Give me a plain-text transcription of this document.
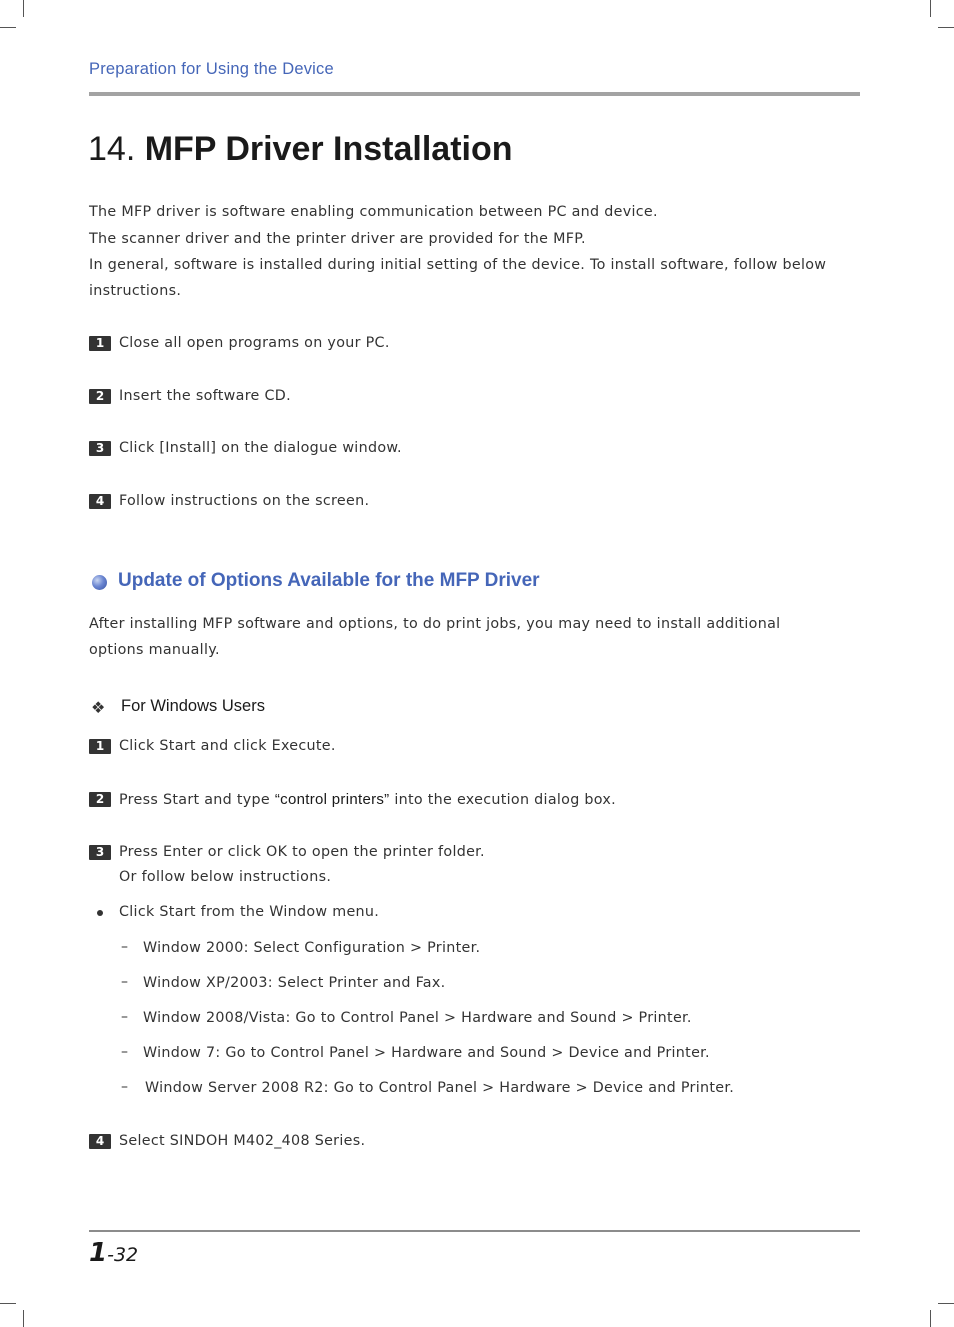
Preparation for Using the Device
14. MFP Driver Installation
The MFP driver is software enabling communication between PC and device.
The scanner driver and the printer driver are provided for the MFP.
In general, software is installed during initial setting of the device. To install software, follow below instructions.
1	Close all open programs on your PC.
2	Insert the software CD.
3	Click [Install] on the dialogue window.
4	Follow instructions on the screen.
Update of Options Available for the MFP Driver
After installing MFP software and options, to do print jobs, you may need to install additional options manually.
❖ For Windows Users
1	Click Start and click Execute.
2	Press Start and type “control printers” into the execution dialog box.
3	Press Enter or click OK to open the printer folder.
Or follow below instructions.
Click Start from the Window menu.
– Window 2000: Select Configuration > Printer.
– Window XP/2003: Select Printer and Fax.
– Window 2008/Vista: Go to Control Panel > Hardware and Sound > Printer.
– Window 7: Go to Control Panel > Hardware and Sound > Device and Printer.
– Window Server 2008 R2: Go to Control Panel > Hardware > Device and Printer.
4	Select SINDOH M402_408 Series.
1-32
